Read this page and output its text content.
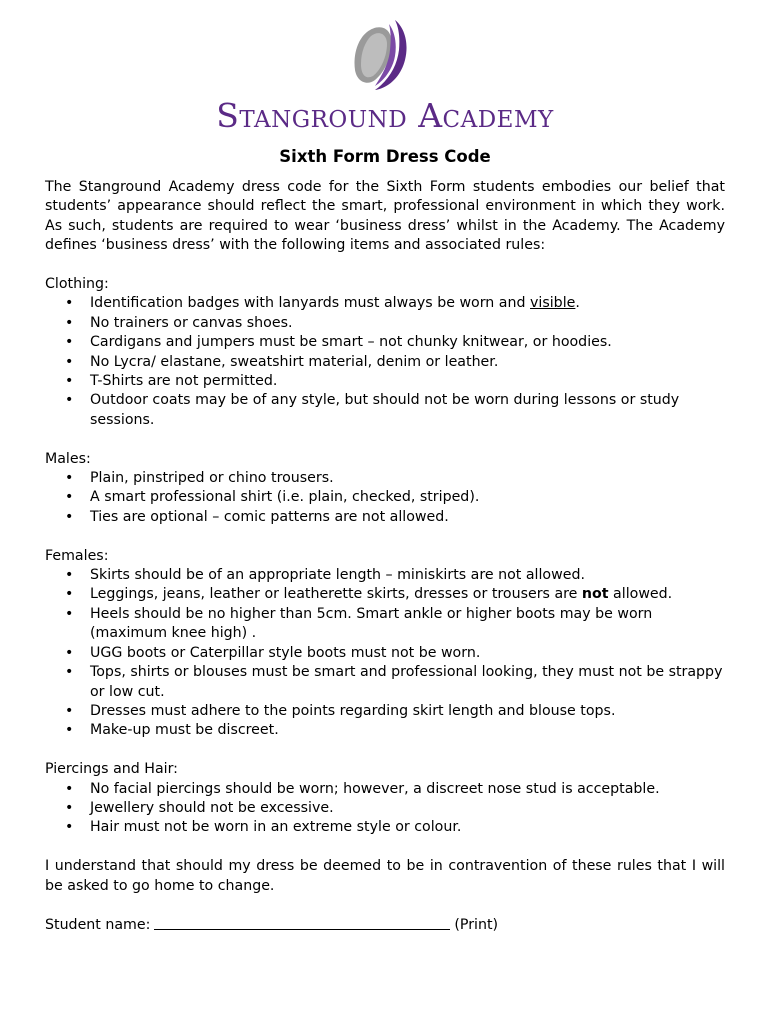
Stanground Academy
Sixth Form Dress Code

The Stanground Academy dress code for the Sixth Form students embodies our belief that students’ appearance should reflect the smart, professional environment in which they work. As such, students are required to wear ‘business dress’ whilst in the Academy. The Academy defines ‘business dress’ with the following items and associated rules:

Clothing:

• Identification badges with lanyards must always be worn and visible.
• No trainers or canvas shoes.
• Cardigans and jumpers must be smart – not chunky knitwear, or hoodies.
• No Lycra/ elastane, sweatshirt material, denim or leather.
• T-Shirts are not permitted.
• Outdoor coats may be of any style, but should not be worn during lessons or study sessions.

Males:

• Plain, pinstriped or chino trousers.
• A smart professional shirt (i.e. plain, checked, striped).
• Ties are optional – comic patterns are not allowed.

Females:

• Skirts should be of an appropriate length – miniskirts are not allowed.
• Leggings, jeans, leather or leatherette skirts, dresses or trousers are not allowed.
• Heels should be no higher than 5cm. Smart ankle or higher boots may be worn (maximum knee high) .
• UGG boots or Caterpillar style boots must not be worn.
• Tops, shirts or blouses must be smart and professional looking, they must not be strappy or low cut.
• Dresses must adhere to the points regarding skirt length and blouse tops.
• Make-up must be discreet.

Piercings and Hair:

• No facial piercings should be worn; however, a discreet nose stud is acceptable.
• Jewellery should not be excessive.
• Hair must not be worn in an extreme style or colour.

I understand that should my dress be deemed to be in contravention of these rules that I will be asked to go home to change.

Student name:	(Print)
